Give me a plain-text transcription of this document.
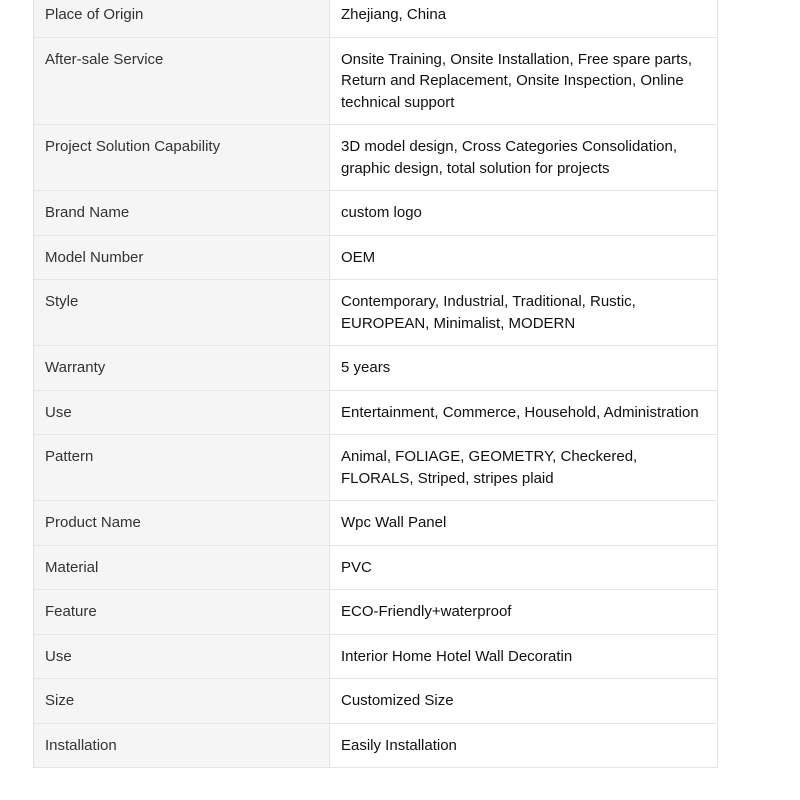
Place of Origin	Zhejiang, China
After-sale Service	Onsite Training, Onsite Installation, Free spare parts, Return and Replacement, Onsite Inspection, Online technical support
Project Solution Capability	3D model design, Cross Categories Consolidation, graphic design, total solution for projects
Brand Name	custom logo
Model Number	OEM
Style	Contemporary, Industrial, Traditional, Rustic, EUROPEAN, Minimalist, MODERN
Warranty	5 years
Use	Entertainment, Commerce, Household, Administration
Pattern	Animal, FOLIAGE, GEOMETRY, Checkered, FLORALS, Striped, stripes plaid
Product Name	Wpc Wall Panel
Material	PVC
Feature	ECO-Friendly+waterproof
Use	Interior Home Hotel Wall Decoratin
Size	Customized Size
Installation	Easily Installation
